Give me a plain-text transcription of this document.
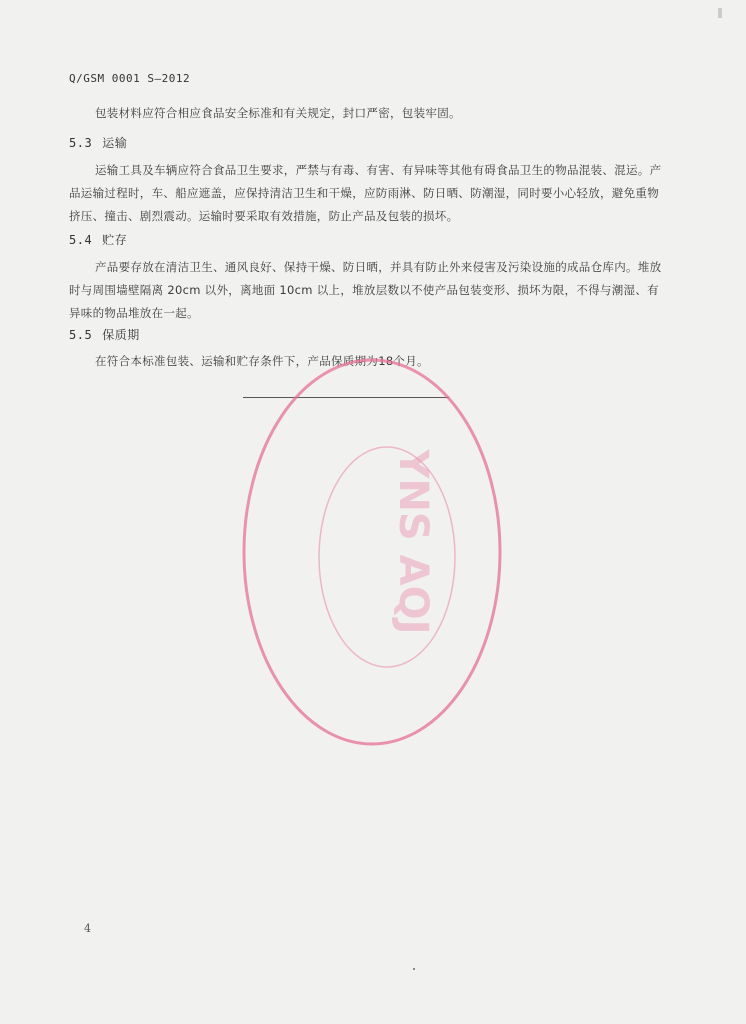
Q/GSM 0001 S—2012
包装材料应符合相应食品安全标准和有关规定，封口严密，包装牢固。
5.3 运输
运输工具及车辆应符合食品卫生要求，严禁与有毒、有害、有异味等其他有碍食品卫生的物品混装、混运。产品运输过程时，车、船应遮盖，应保持清洁卫生和干燥，应防雨淋、防日晒、防潮湿，同时要小心轻放，避免重物挤压、撞击、剧烈震动。运输时要采取有效措施，防止产品及包装的损坏。
5.4 贮存
产品要存放在清洁卫生、通风良好、保持干燥、防日晒，并具有防止外来侵害及污染设施的成品仓库内。堆放时与周围墙壁隔离 20cm 以外，离地面 10cm 以上，堆放层数以不使产品包装变形、损坏为限，不得与潮湿、有异味的物品堆放在一起。
5.5 保质期
在符合本标准包装、运输和贮存条件下，产品保质期为18个月。
YNS AQJ
4
